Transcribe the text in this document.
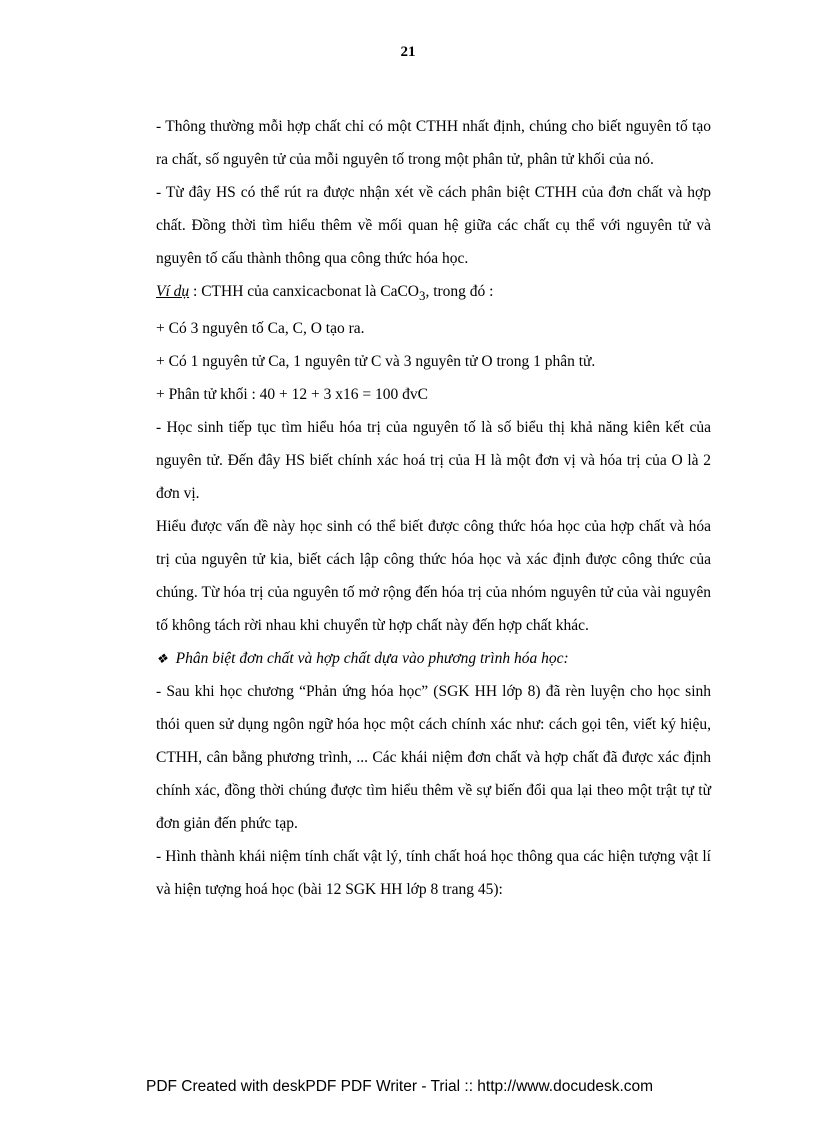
21

- Thông thường mỗi hợp chất chỉ có một CTHH nhất định, chúng cho biết nguyên tố tạo ra chất, số nguyên tử của mỗi nguyên tố trong một phân tử, phân tử khối của nó.

- Từ đây HS có thể rút ra được nhận xét về cách phân biệt CTHH của đơn chất và hợp chất. Đồng thời tìm hiểu thêm về mối quan hệ giữa các chất cụ thể với nguyên tử và nguyên tố cấu thành thông qua công thức hóa học.

Ví dụ : CTHH của canxicacbonat là CaCO$_3$, trong đó :

+ Có 3 nguyên tố Ca, C, O tạo ra.

+ Có 1 nguyên tử Ca, 1 nguyên tử C và 3 nguyên tử O trong 1 phân tử.

+ Phân tử khối : 40 + 12 + 3 x16 = 100 đvC

- Học sinh tiếp tục tìm hiểu hóa trị của nguyên tố là số biểu thị khả năng kiên kết của nguyên tử. Đến đây HS biết chính xác hoá trị của H là một đơn vị và hóa trị của O là 2 đơn vị.

Hiểu được vấn đề này học sinh có thể biết được công thức hóa học của hợp chất và hóa trị của nguyên tử kia, biết cách lập công thức hóa học và xác định được công thức của chúng. Từ hóa trị của nguyên tố mở rộng đến hóa trị của nhóm nguyên tử của vài nguyên tố không tách rời nhau khi chuyển từ hợp chất này đến hợp chất khác.

❖ Phân biệt đơn chất và hợp chất dựa vào phương trình hóa học:

- Sau khi học chương “Phản ứng hóa học” (SGK HH lớp 8) đã rèn luyện cho học sinh thói quen sử dụng ngôn ngữ hóa học một cách chính xác như: cách gọi tên, viết ký hiệu, CTHH, cân bằng phương trình, ... Các khái niệm đơn chất và hợp chất đã được xác định chính xác, đồng thời chúng được tìm hiểu thêm về sự biến đổi qua lại theo một trật tự từ đơn giản đến phức tạp.

- Hình thành khái niệm tính chất vật lý, tính chất hoá học thông qua các hiện tượng vật lí và hiện tượng hoá học (bài 12 SGK HH lớp 8 trang 45):

PDF Created with deskPDF PDF Writer - Trial :: http://www.docudesk.com
